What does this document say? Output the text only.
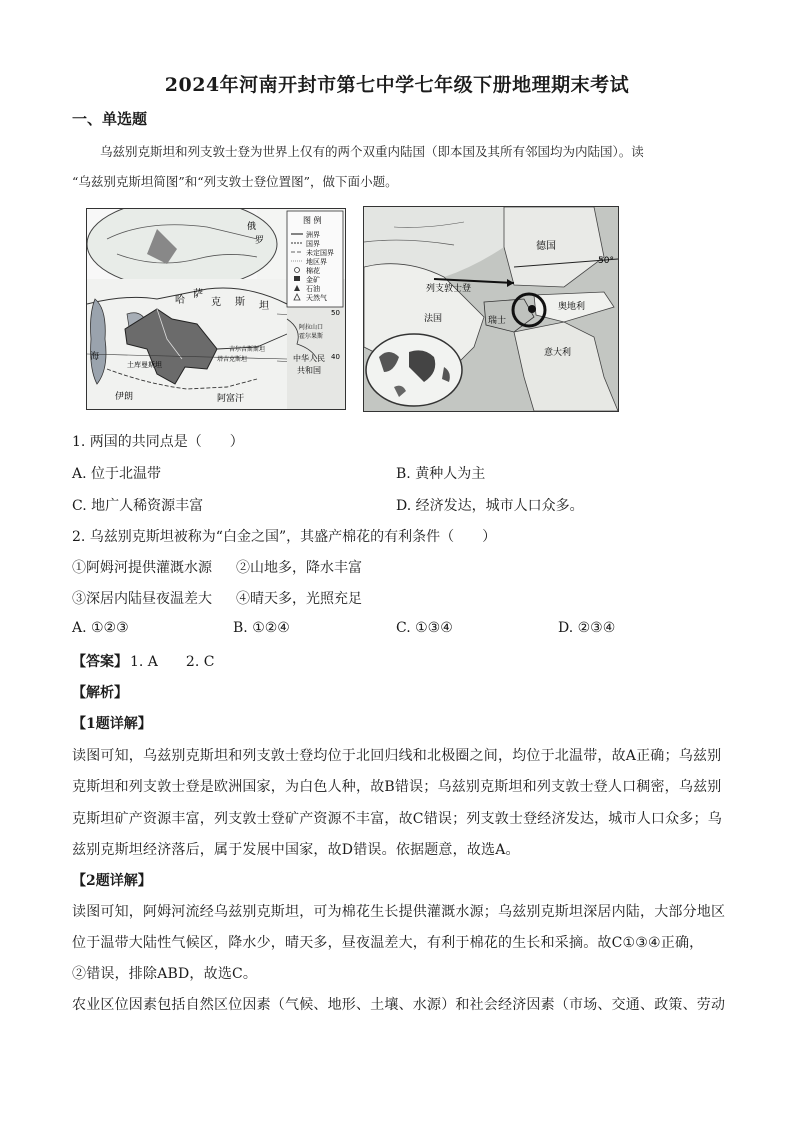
2024年河南开封市第七中学七年级下册地理期末考试
一、单选题
乌兹别克斯坦和列支敦士登为世界上仅有的两个双重内陆国（即本国及其所有邻国均为内陆国）。读
“乌兹别克斯坦简图”和“列支敦士登位置图”，做下面小题。
图 例
洲界
国界
未定国界
地区界
棉花
金矿
石油
天然气
俄
罗
哈
萨
克 斯 坦
吉尔吉斯斯坦
塔吉克斯坦
土库曼斯坦
海
伊朗	阿富汗
中华人民
共和国
阿拉山口
霍尔果斯
50
40
德国
列支敦士登
法国	瑞士
奥地利
意大利
50°
1. 两国的共同点是（　　）
A. 位于北温带	B. 黄种人为主
C. 地广人稀资源丰富	D. 经济发达，城市人口众多。
2. 乌兹别克斯坦被称为“白金之国”，其盛产棉花的有利条件（　　）
①阿姆河提供灌溉水源 ②山地多，降水丰富
③深居内陆昼夜温差大 ④晴天多，光照充足
A. ①②③	B. ①②④	C. ①③④	D. ②③④
【答案】 1. A　　2. C
【解析】
【1题详解】
读图可知，乌兹别克斯坦和列支敦士登均位于北回归线和北极圈之间，均位于北温带，故A正确；乌兹别
克斯坦和列支敦士登是欧洲国家，为白色人种，故B错误；乌兹别克斯坦和列支敦士登人口稠密，乌兹别
克斯坦矿产资源丰富，列支敦士登矿产资源不丰富，故C错误；列支敦士登经济发达，城市人口众多；乌
兹别克斯坦经济落后，属于发展中国家，故D错误。依据题意，故选A。
【2题详解】
读图可知，阿姆河流经乌兹别克斯坦，可为棉花生长提供灌溉水源；乌兹别克斯坦深居内陆，大部分地区
位于温带大陆性气候区，降水少，晴天多，昼夜温差大，有利于棉花的生长和采摘。故C①③④正确，
②错误，排除ABD，故选C。
农业区位因素包括自然区位因素（气候、地形、土壤、水源）和社会经济因素（市场、交通、政策、劳动
